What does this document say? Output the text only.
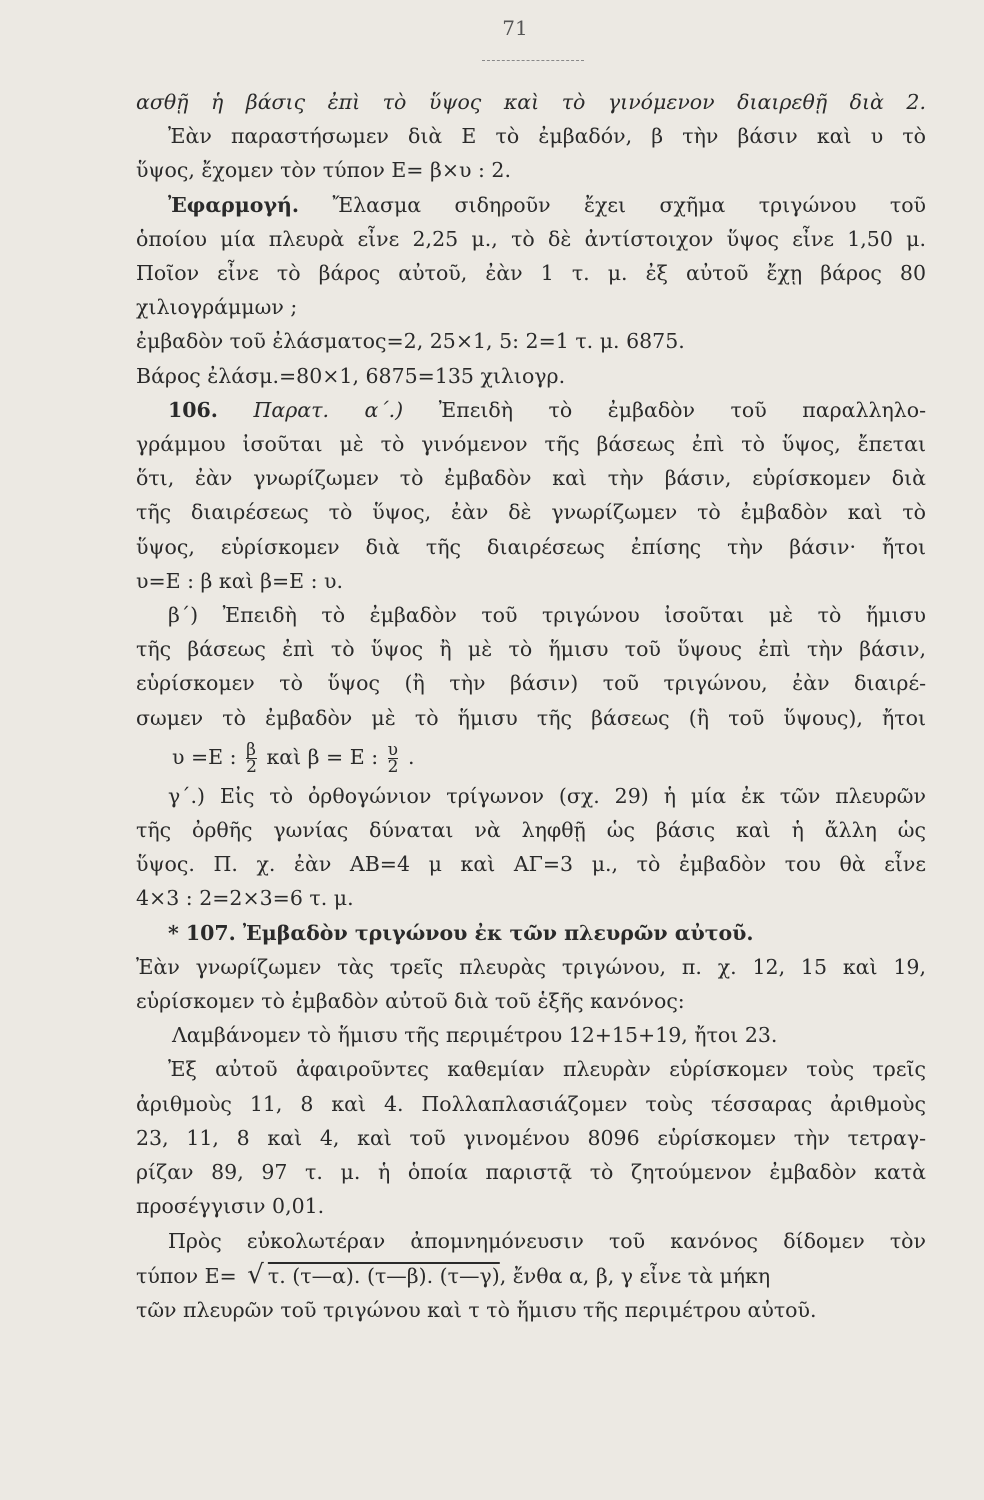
71
ασθῇ ἡ βάσις ἐπὶ τὸ ὕψος καὶ τὸ γινόμενον διαιρεθῇ διὰ 2.
Ἐὰν παραστήσωμεν διὰ Ε τὸ ἐμβαδόν, β τὴν βάσιν καὶ υ τὸ
ὕψος, ἔχομεν τὸν τύπον Ε= β×υ : 2.
Ἐφαρμογή. Ἔλασμα σιδηροῦν ἔχει σχῆμα τριγώνου τοῦ
ὁποίου μία πλευρὰ εἶνε 2,25 μ., τὸ δὲ ἀντίστοιχον ὕψος εἶνε 1,50 μ.
Ποῖον εἶνε τὸ βάρος αὐτοῦ, ἐὰν 1 τ. μ. ἐξ αὐτοῦ ἔχῃ βάρος 80
χιλιογράμμων ;
ἐμβαδὸν τοῦ ἐλάσματος=2, 25×1, 5: 2=1 τ. μ. 6875.
Βάρος ἐλάσμ.=80×1, 6875=135 χιλιογρ.
106. Παρατ. α΄.) Ἐπειδὴ τὸ ἐμβαδὸν τοῦ παραλληλο-
γράμμου ἰσοῦται μὲ τὸ γινόμενον τῆς βάσεως ἐπὶ τὸ ὕψος, ἔπεται
ὅτι, ἐὰν γνωρίζωμεν τὸ ἐμβαδὸν καὶ τὴν βάσιν, εὑρίσκομεν διὰ
τῆς διαιρέσεως τὸ ὕψος, ἐὰν δὲ γνωρίζωμεν τὸ ἐμβαδὸν καὶ τὸ
ὕψος, εὑρίσκομεν διὰ τῆς διαιρέσεως ἐπίσης τὴν βάσιν· ἤτοι
υ=Ε : β καὶ β=Ε : υ.
β΄) Ἐπειδὴ τὸ ἐμβαδὸν τοῦ τριγώνου ἰσοῦται μὲ τὸ ἥμισυ
τῆς βάσεως ἐπὶ τὸ ὕψος ἢ μὲ τὸ ἥμισυ τοῦ ὕψους ἐπὶ τὴν βάσιν,
εὑρίσκομεν τὸ ὕψος (ἢ τὴν βάσιν) τοῦ τριγώνου, ἐὰν διαιρέ-
σωμεν τὸ ἐμβαδὸν μὲ τὸ ἥμισυ τῆς βάσεως (ἢ τοῦ ὕψους), ἤτοι
υ =Ε : $\frac{\beta}{2}$ καὶ β = Ε : $\frac{\upsilon}{2}$ .
γ΄.) Εἰς τὸ ὀρθογώνιον τρίγωνον (σχ. 29) ἡ μία ἐκ τῶν πλευρῶν
τῆς ὀρθῆς γωνίας δύναται νὰ ληφθῇ ὡς βάσις καὶ ἡ ἄλλη ὡς
ὕψος. Π. χ. ἐὰν ΑΒ=4 μ καὶ ΑΓ=3 μ., τὸ ἐμβαδὸν του θὰ εἶνε
4×3 : 2=2×3=6 τ. μ.
* 107. Ἐμβαδὸν τριγώνου ἐκ τῶν πλευρῶν αὐτοῦ.
Ἐὰν γνωρίζωμεν τὰς τρεῖς πλευρὰς τριγώνου, π. χ. 12, 15 καὶ 19,
εὑρίσκομεν τὸ ἐμβαδὸν αὐτοῦ διὰ τοῦ ἑξῆς κανόνος:
Λαμβάνομεν τὸ ἥμισυ τῆς περιμέτρου 12+15+19, ἤτοι 23.
Ἐξ αὐτοῦ ἀφαιροῦντες καθεμίαν πλευρὰν εὑρίσκομεν τοὺς τρεῖς
ἀριθμοὺς 11, 8 καὶ 4. Πολλαπλασιάζομεν τοὺς τέσσαρας ἀριθμοὺς
23, 11, 8 καὶ 4, καὶ τοῦ γινομένου 8096 εὑρίσκομεν τὴν τετραγ-
ρίζαν 89, 97 τ. μ. ἡ ὁποία παριστᾷ τὸ ζητούμενον ἐμβαδὸν κατὰ
προσέγγισιν 0,01.
Πρὸς εὐκολωτέραν ἀπομνημόνευσιν τοῦ κανόνος δίδομεν τὸν
τύπον Ε= √ τ. (τ—α). (τ—β). (τ—γ), ἔνθα α, β, γ εἶνε τὰ μήκη
τῶν πλευρῶν τοῦ τριγώνου καὶ τ τὸ ἥμισυ τῆς περιμέτρου αὐτοῦ.
